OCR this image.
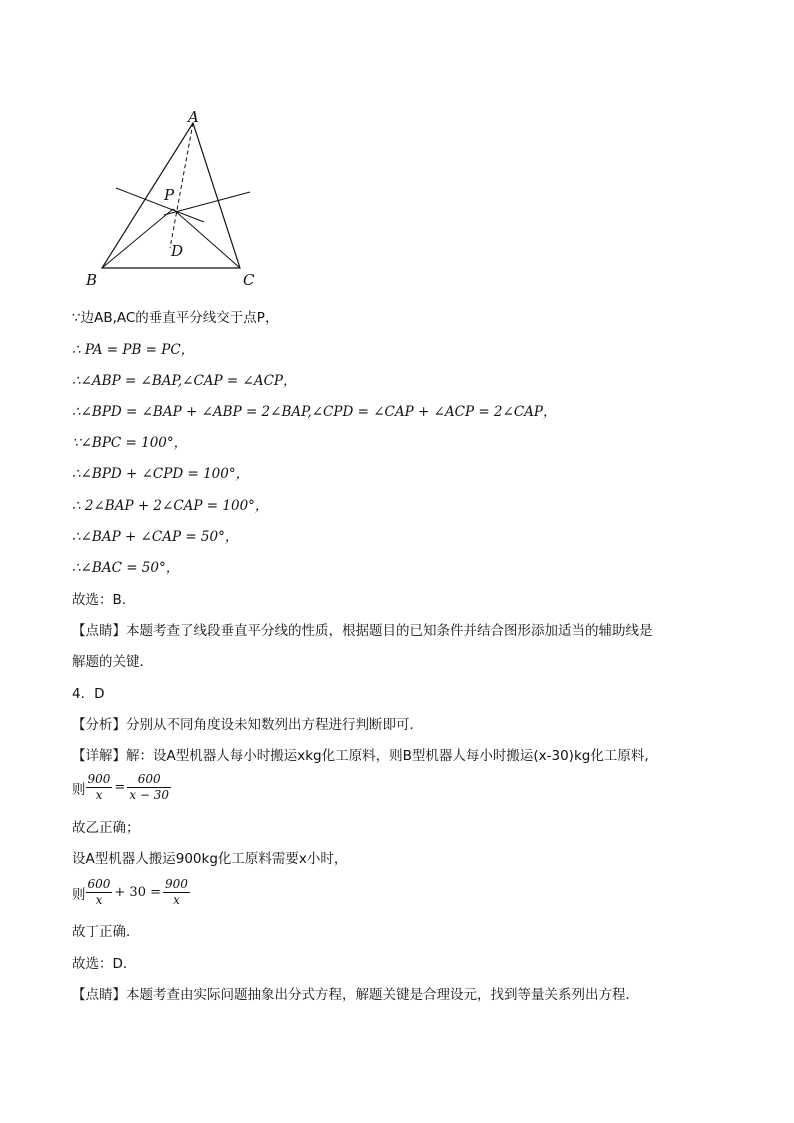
A
B	C
P
D
∵边AB,AC的垂直平分线交于点P，
∴ PA = PB = PC，
∴∠ABP = ∠BAP,∠CAP = ∠ACP，
∴∠BPD = ∠BAP + ∠ABP = 2∠BAP,∠CPD = ∠CAP + ∠ACP = 2∠CAP，
∵∠BPC = 100°，
∴∠BPD + ∠CPD = 100°，
∴ 2∠BAP + 2∠CAP = 100°，
∴∠BAP + ∠CAP = 50°，
∴∠BAC = 50°，
故选：B.
【点睛】本题考查了线段垂直平分线的性质，根据题目的已知条件并结合图形添加适当的辅助线是
解题的关键．
4．D
【分析】分别从不同角度设未知数列出方程进行判断即可．
【详解】解：设A型机器人每小时搬运xkg化工原料，则B型机器人每小时搬运(x-30)kg化工原料,
则 $\frac{900}{x} = \frac{600}{x - 30}$
故乙正确；
设A型机器人搬运900kg化工原料需要x小时，
则 $\frac{600}{x} + 30 = \frac{900}{x}$
故丁正确．
故选：D．
【点睛】本题考查由实际问题抽象出分式方程，解题关键是合理设元，找到等量关系列出方程．
